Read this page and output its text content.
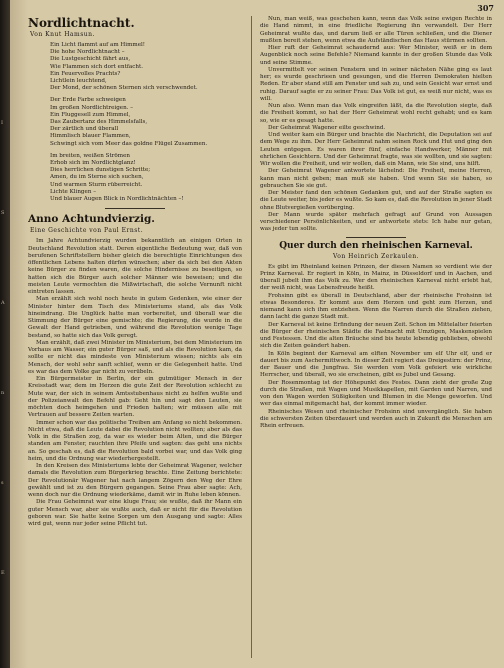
I
S
A
n
s
E
307
Nordlichtnacht.
Von Knut Hamsun.
Ein Licht flammt auf am Himmel!
Die hohe Nordlichtnacht –
Die Lustgeschicht fährt aus,
Wie Flammen sich dort entfacht.
Ein Feuervolles Prachts?
Lichtlein leuchtend,
Der Mond, der schönen Sternen sich verschwendet.
Der Erde Farbe schweigen
Im großen Nordlichtreigen. –
Ein Fluggesell zum Himmel,
Das Zaubertanz des Himmelsfalls,
Der zärtlich und überall
Himmlisch blauer Flammen,
Schwingt sich vom Meer das goldne Flügel Zusammen.
Im breiten, weißen Strömen
Erhob sich im Nordlichtglanz!
Dies herrlichen dunstigen Schritte;
Amen, du im Sterne sich suchen,
Und warmen Sturm rüberreicht.
Lichte Klingen –
Und blauer Augen Blick in Nordlichtnächten –!
Anno Achtundvierzig.
Eine Geschichte von Paul Ernst.

Im Jahre Achtundvierzig wurden bekanntlich an einigen Orten in Deutschland Revolution statt. Deren eigentliche Bedeutung war, daß von berufenen Schriftstellern bisher gleich die berechtigte Einrichtungen des öffentlichen Lebens halten dürfen wünschen; aber da sich bei den Akten keine Bürger zu finden waren, die solche Hindernisse zu beseitigen, so hatten sich die Bürger auch solcher Männer wie beweisen; und die meisten Leute vermochten die Mißwirtschaft, die solche Vernunft nicht eintreten lassen.

Man erzählt sich wohl noch heute in gutem Gedenken, wie einer der Minister hinter dem Tisch des Ministeriums stand, als das Volk hineindrang. Die Unglück hatte man vorbereitet, und überall war die Stimmung der Bürger eine gemischte; die Regierung, die wurde in die Gewalt der Hand getrieben, und während die Revolution wenige Tage bestand, so hatte sich das Volk geregt.

Man erzählt, daß zwei Minister im Ministerium, bei dem Ministerium im Vorhaus am Wasser, ein guter Bürger saß, und als die Revolution kam, da sollte er nicht das mindeste von Ministerium wissen; nichts als ein Mensch, der wohl sehr sanft schlief, wenn er die Gelegenheit hatte. Und es war das dem Volke gar nicht zu verübeln.

Ein Bürgermeister in Berlin, der ein gutmütiger Mensch in der Kreisstadt war, dem im Herzen die gute Zeit der Revolution schlecht zu Mute war, der sich in seinem Amtsstubenhaus nicht zu helfen wußte und der Polizeianwalt den Befehl gab: Geht hin und sagt den Leuten, sie möchten doch heimgehen und Frieden halten; wir müssen alle mit Vertrauen auf bessere Zeiten warten.

Immer schon war das politische Treiben am Anfang so nicht bekommen. Nicht etwa, daß die Leute dabei die Revolution nicht wollten; aber als das Volk in die Straßen zog, da war es wieder beim Alten, und die Bürger standen am Fenster, rauchten ihre Pfeife und sagten: das geht uns nichts an. So geschah es, daß die Revolution bald vorbei war, und das Volk ging heim, und die Ordnung war wiederhergestellt.

In den Kreisen des Ministeriums lebte der Geheimrat Wagener, welcher damals die Revolution zum Bürgerkrieg brachte. Eine Zeitung berichtete: Der Revolutionär Wagener hat nach langem Zögern den Weg der Ehre gewählt und ist zu den Bürgern gegangen. Seine Frau aber sagte: Ach, wenn doch nur die Ordnung wiederkäme, damit wir in Ruhe leben können.

Die Frau Geheimrat war eine kluge Frau; sie wußte, daß ihr Mann ein guter Mensch war, aber sie wußte auch, daß er nicht für die Revolution geboren war. Sie hatte keine Sorgen um den Ausgang und sagte: Alles wird gut, wenn nur jeder seine Pflicht tut.

Nun, man weiß, was geschehen kann, wenn das Volk seine ewigen Rechte in die Hand nimmt, in eine friedliche Regierung ihn verwandelt. Der Herr Geheimrat wußte das, und darum ließ er alle Türen schließen, und die Diener mußten bereit stehen, wenn etwa die Aufständischen das Haus stürmen sollten.

Hier ruft der Geheimrat schaudernd aus: Wer Minister, weiß er in dem Augenblick noch seine Befehle? Niemand kannte in der großen Stunde das Volk und seine Stimme.

Unvermittelt vor seinen Fenstern und in seiner nächsten Nähe ging es laut her; es wurde geschrieen und gesungen, und die Herren Demokraten hielten Reden. Er aber stand still am Fenster und sah zu, und sein Gesicht war ernst und ruhig. Darauf sagte er zu seiner Frau: Das Volk ist gut, es weiß nur nicht, was es will.

Nun also. Wenn man das Volk eingreifen läßt, da die Revolution siegte, daß die Freiheit kommt, so hat der Herr Geheimrat wohl recht gehabt; und es kam so, wie er es gesagt hatte.

Der Geheimrat Wagener eilte geschwind.

Und weiter kam ein Bürger und brachte die Nachricht, die Deputation sei auf dem Wege zu ihm. Der Herr Geheimrat nahm seinen Rock und Hut und ging den Leuten entgegen. Es waren ihrer fünf, einfache Handwerker, Männer mit ehrlichen Gesichtern. Und der Geheimrat fragte, was sie wollten, und sie sagten: Wir wollen die Freiheit, und wir wollen, daß ein Mann, wie Sie sind, uns hilft.

Der Geheimrat Wagener antwortete lächelnd: Die Freiheit, meine Herren, kann man nicht geben; man muß sie haben. Und wenn Sie sie haben, so gebrauchen Sie sie gut.

Der Meister fand den schönen Gedanken gut, und auf der Straße sagten es die Leute weiter, bis jeder es wußte. So kam es, daß die Revolution in jener Stadt ohne Blutvergießen vorüberging.

Der Mann wurde später mehrfach gefragt auf Grund von Aussagen verschiedener Persönlichkeiten, und er antwortete stets: Ich habe nur getan, was jeder tun sollte.

Quer durch den rheinischen Karneval.
Von Heinrich Zerkaulen.

Es gibt im Rheinland keinen Prinzen, der diesen Namen so verdient wie der Prinz Karneval. Er regiert in Köln, in Mainz, in Düsseldorf und in Aachen, und überall jubelt ihm das Volk zu. Wer den rheinischen Karneval nicht erlebt hat, der weiß nicht, was Lebensfreude heißt.

Frohsinn gibt es überall in Deutschland, aber der rheinische Frohsinn ist etwas Besonderes. Er kommt aus dem Herzen und geht zum Herzen, und niemand kann sich ihm entziehen. Wenn die Narren durch die Straßen ziehen, dann lacht die ganze Stadt mit.

Der Karneval ist keine Erfindung der neuen Zeit. Schon im Mittelalter feierten die Bürger der rheinischen Städte die Fastnacht mit Umzügen, Maskenspielen und Festessen. Und die alten Bräuche sind bis heute lebendig geblieben, obwohl sich die Zeiten geändert haben.

In Köln beginnt der Karneval am elften November um elf Uhr elf, und er dauert bis zum Aschermittwoch. In dieser Zeit regiert das Dreigestirn: der Prinz, der Bauer und die Jungfrau. Sie werden vom Volk gefeiert wie wirkliche Herrscher, und überall, wo sie erscheinen, gibt es Jubel und Gesang.

Der Rosenmontag ist der Höhepunkt des Festes. Dann zieht der große Zug durch die Straßen, mit Wagen und Musikkapellen, mit Garden und Narren, und von den Wagen werden Süßigkeiten und Blumen in die Menge geworfen. Und wer das einmal mitgemacht hat, der kommt immer wieder.

Rheinisches Wesen und rheinischer Frohsinn sind unvergänglich. Sie haben die schwersten Zeiten überdauert und werden auch in Zukunft die Menschen am Rhein erfreuen.
